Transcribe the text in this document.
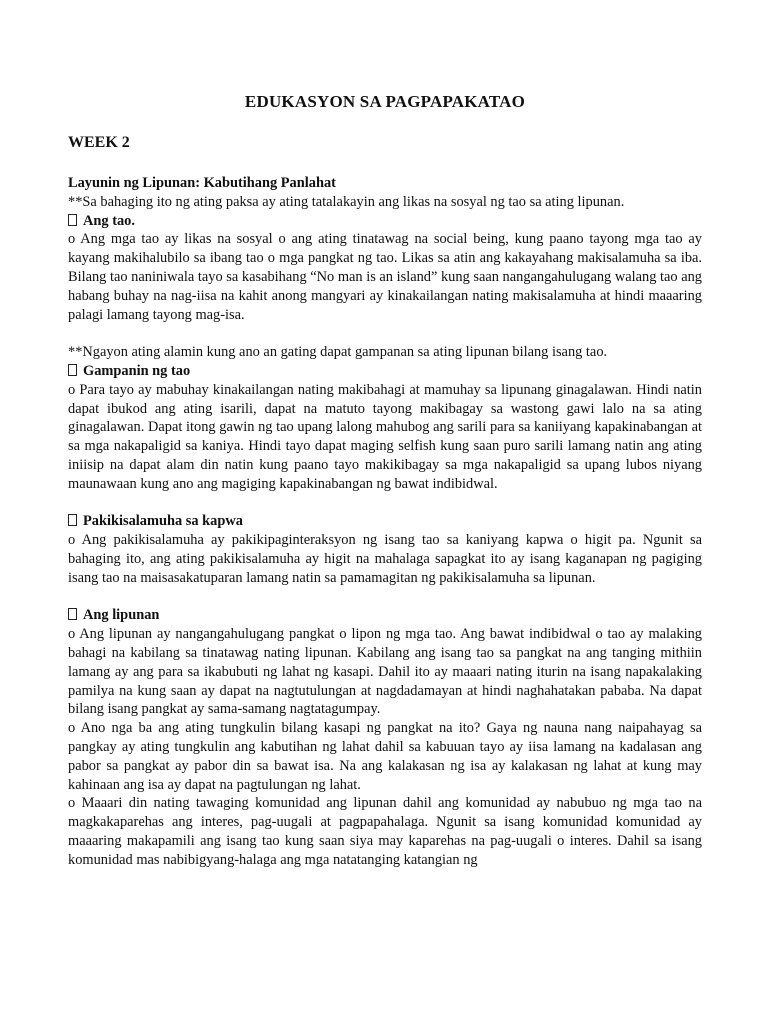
EDUKASYON SA PAGPAPAKATAO
WEEK 2

Layunin ng Lipunan: Kabutihang Panlahat

**Sa bahaging ito ng ating paksa ay ating tatalakayin ang likas na sosyal ng tao sa ating lipunan.

Ang tao.

o Ang mga tao ay likas na sosyal o ang ating tinatawag na social being, kung paano tayong mga tao ay kayang makihalubilo sa ibang tao o mga pangkat ng tao. Likas sa atin ang kakayahang makisalamuha sa iba. Bilang tao naniniwala tayo sa kasabihang “No man is an island” kung saan nangangahulugang walang tao ang habang buhay na nag-iisa na kahit anong mangyari ay kinakailangan nating makisalamuha at hindi maaaring palagi lamang tayong mag-isa.

**Ngayon ating alamin kung ano an gating dapat gampanan sa ating lipunan bilang isang tao.

Gampanin ng tao

o Para tayo ay mabuhay kinakailangan nating makibahagi at mamuhay sa lipunang ginagalawan. Hindi natin dapat ibukod ang ating isarili, dapat na matuto tayong makibagay sa wastong gawi lalo na sa ating ginagalawan. Dapat itong gawin ng tao upang lalong mahubog ang sarili para sa kaniiyang kapakinabangan at sa mga nakapaligid sa kaniya. Hindi tayo dapat maging selfish kung saan puro sarili lamang natin ang ating iniisip na dapat alam din natin kung paano tayo makikibagay sa mga nakapaligid sa upang lubos niyang maunawaan kung ano ang magiging kapakinabangan ng bawat indibidwal.

Pakikisalamuha sa kapwa

o Ang pakikisalamuha ay pakikipaginteraksyon ng isang tao sa kaniyang kapwa o higit pa. Ngunit sa bahaging ito, ang ating pakikisalamuha ay higit na mahalaga sapagkat ito ay isang kaganapan ng pagiging isang tao na maisasakatuparan lamang natin sa pamamagitan ng pakikisalamuha sa lipunan.

Ang lipunan

o Ang lipunan ay nangangahulugang pangkat o lipon ng mga tao. Ang bawat indibidwal o tao ay malaking bahagi na kabilang sa tinatawag nating lipunan. Kabilang ang isang tao sa pangkat na ang tanging mithiin lamang ay ang para sa ikabubuti ng lahat ng kasapi. Dahil ito ay maaari nating iturin na isang napakalaking pamilya na kung saan ay dapat na nagtutulungan at nagdadamayan at hindi naghahatakan pababa. Na dapat bilang isang pangkat ay sama-samang nagtatagumpay.

o Ano nga ba ang ating tungkulin bilang kasapi ng pangkat na ito? Gaya ng nauna nang naipahayag sa pangkay ay ating tungkulin ang kabutihan ng lahat dahil sa kabuuan tayo ay iisa lamang na kadalasan ang pabor sa pangkat ay pabor din sa bawat isa. Na ang kalakasan ng isa ay kalakasan ng lahat at kung may kahinaan ang isa ay dapat na pagtulungan ng lahat.

o Maaari din nating tawaging komunidad ang lipunan dahil ang komunidad ay nabubuo ng mga tao na magkakaparehas ang interes, pag-uugali at pagpapahalaga. Ngunit sa isang komunidad komunidad ay maaaring makapamili ang isang tao kung saan siya may kaparehas na pag-uugali o interes. Dahil sa isang komunidad mas nabibigyang-halaga ang mga natatanging katangian ng
